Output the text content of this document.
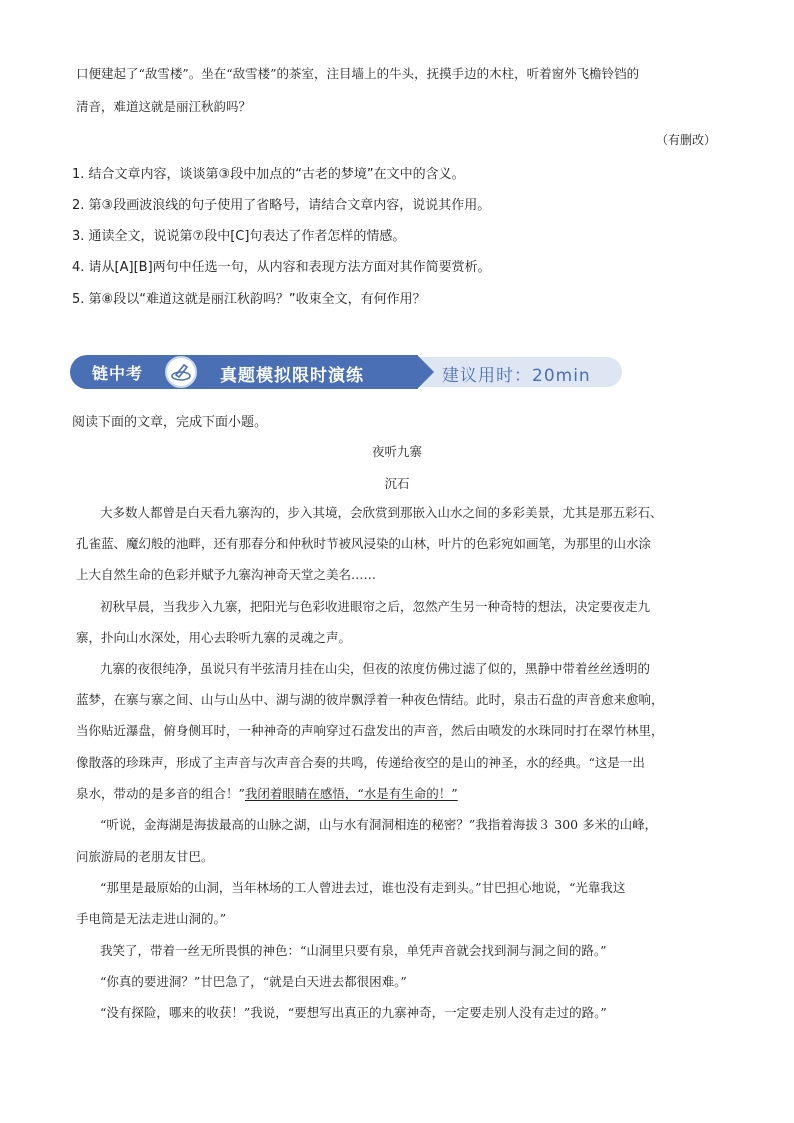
口便建起了“敌雪楼”。坐在“敌雪楼”的茶室，注目墙上的牛头，抚摸手边的木柱，听着窗外飞檐铃铛的
清音，难道这就是丽江秋韵吗？
（有删改）
1. 结合文章内容，谈谈第③段中加点的“古老的梦境”在文中的含义。
2. 第③段画波浪线的句子使用了省略号，请结合文章内容，说说其作用。
3. 通读全文，说说第⑦段中[C]句表达了作者怎样的情感。
4. 请从[A][B]两句中任选一句，从内容和表现方法方面对其作简要赏析。
5. 第⑧段以“难道这就是丽江秋韵吗？”收束全文，有何作用？
链中考	真题模拟限时演练	建议用时：20min
阅读下面的文章，完成下面小题。
夜听九寨
沉石
大多数人都曾是白天看九寨沟的，步入其境，会欣赏到那嵌入山水之间的多彩美景，尤其是那五彩石、
孔雀蓝、魔幻般的池畔，还有那春分和仲秋时节被风浸染的山林，叶片的色彩宛如画笔，为那里的山水涂
上大自然生命的色彩并赋予九寨沟神奇天堂之美名……
初秋早晨，当我步入九寨，把阳光与色彩收进眼帘之后，忽然产生另一种奇特的想法，决定要夜走九
寨，扑向山水深处，用心去聆听九寨的灵魂之声。
九寨的夜很纯净，虽说只有半弦清月挂在山尖，但夜的浓度仿佛过滤了似的，黑静中带着丝丝透明的
蓝梦，在寨与寨之间、山与山丛中、湖与湖的彼岸飘浮着一种夜色情结。此时，泉击石盘的声音愈来愈响，
当你贴近瀑盘，俯身侧耳时，一种神奇的声响穿过石盘发出的声音，然后由喷发的水珠同时打在翠竹林里，
像散落的珍珠声，形成了主声音与次声音合奏的共鸣，传递给夜空的是山的神圣，水的经典。“这是一出
泉水，带动的是多音的组合！”我闭着眼睛在感悟，“水是有生命的！”
“听说，金海湖是海拔最高的山脉之湖，山与水有洞洞相连的秘密？”我指着海拔３ 300 多米的山峰，
问旅游局的老朋友甘巴。
“那里是最原始的山洞，当年林场的工人曾进去过，谁也没有走到头。”甘巴担心地说，“光靠我这
手电筒是无法走进山洞的。”
我笑了，带着一丝无所畏惧的神色：“山洞里只要有泉，单凭声音就会找到洞与洞之间的路。”
“你真的要进洞？”甘巴急了，“就是白天进去都很困难。”
“没有探险，哪来的收获！”我说，“要想写出真正的九寨神奇，一定要走别人没有走过的路。”
